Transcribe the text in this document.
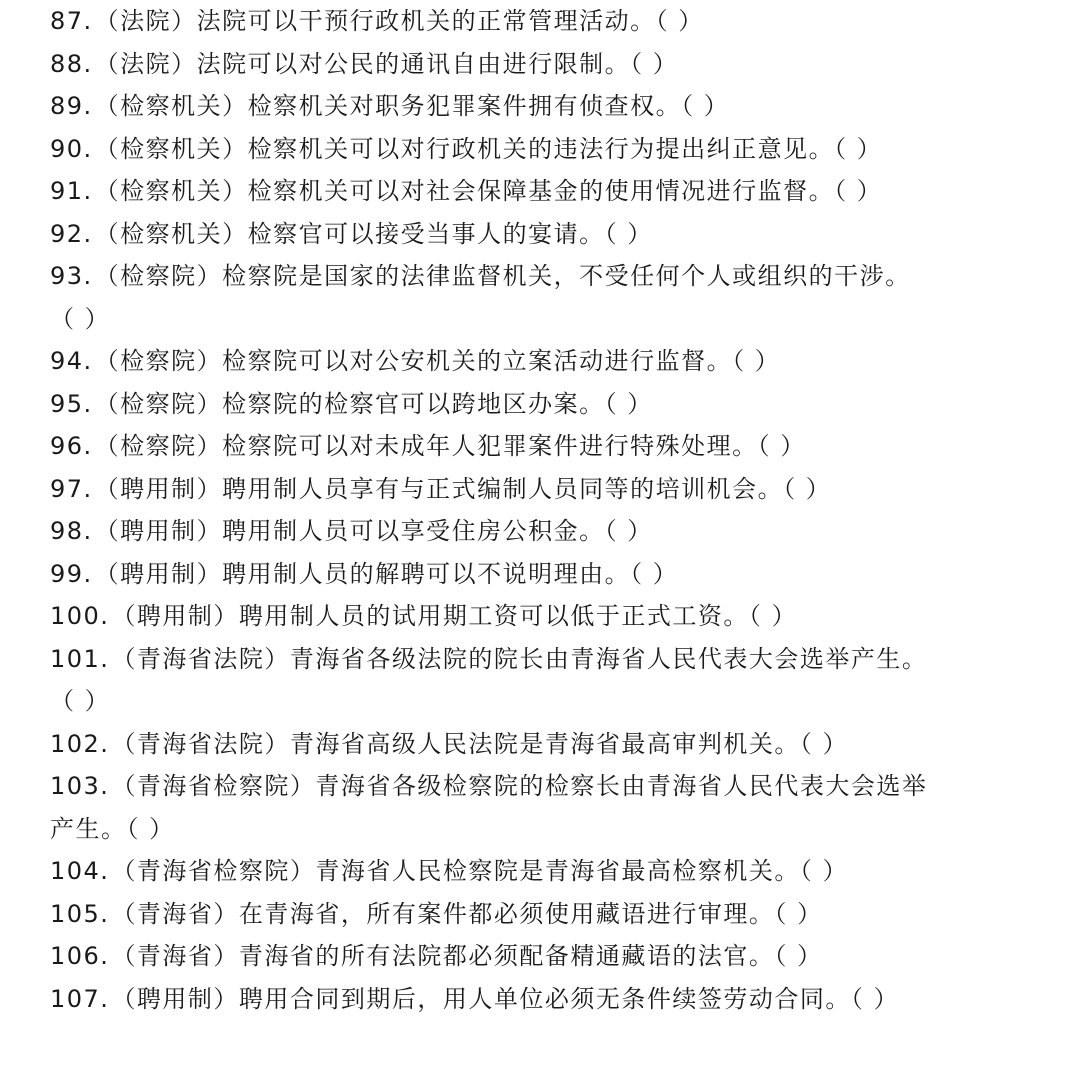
87.（法院）法院可以干预行政机关的正常管理活动。（ ）
88.（法院）法院可以对公民的通讯自由进行限制。（ ）
89.（检察机关）检察机关对职务犯罪案件拥有侦查权。（ ）
90.（检察机关）检察机关可以对行政机关的违法行为提出纠正意见。（ ）
91.（检察机关）检察机关可以对社会保障基金的使用情况进行监督。（ ）
92.（检察机关）检察官可以接受当事人的宴请。（ ）
93.（检察院）检察院是国家的法律监督机关，不受任何个人或组织的干涉。
（ ）
94.（检察院）检察院可以对公安机关的立案活动进行监督。（ ）
95.（检察院）检察院的检察官可以跨地区办案。（ ）
96.（检察院）检察院可以对未成年人犯罪案件进行特殊处理。（ ）
97.（聘用制）聘用制人员享有与正式编制人员同等的培训机会。（ ）
98.（聘用制）聘用制人员可以享受住房公积金。（ ）
99.（聘用制）聘用制人员的解聘可以不说明理由。（ ）
100.（聘用制）聘用制人员的试用期工资可以低于正式工资。（ ）
101.（青海省法院）青海省各级法院的院长由青海省人民代表大会选举产生。
（ ）
102.（青海省法院）青海省高级人民法院是青海省最高审判机关。（ ）
103.（青海省检察院）青海省各级检察院的检察长由青海省人民代表大会选举
产生。（ ）
104.（青海省检察院）青海省人民检察院是青海省最高检察机关。（ ）
105.（青海省）在青海省，所有案件都必须使用藏语进行审理。（ ）
106.（青海省）青海省的所有法院都必须配备精通藏语的法官。（ ）
107.（聘用制）聘用合同到期后，用人单位必须无条件续签劳动合同。（ ）
